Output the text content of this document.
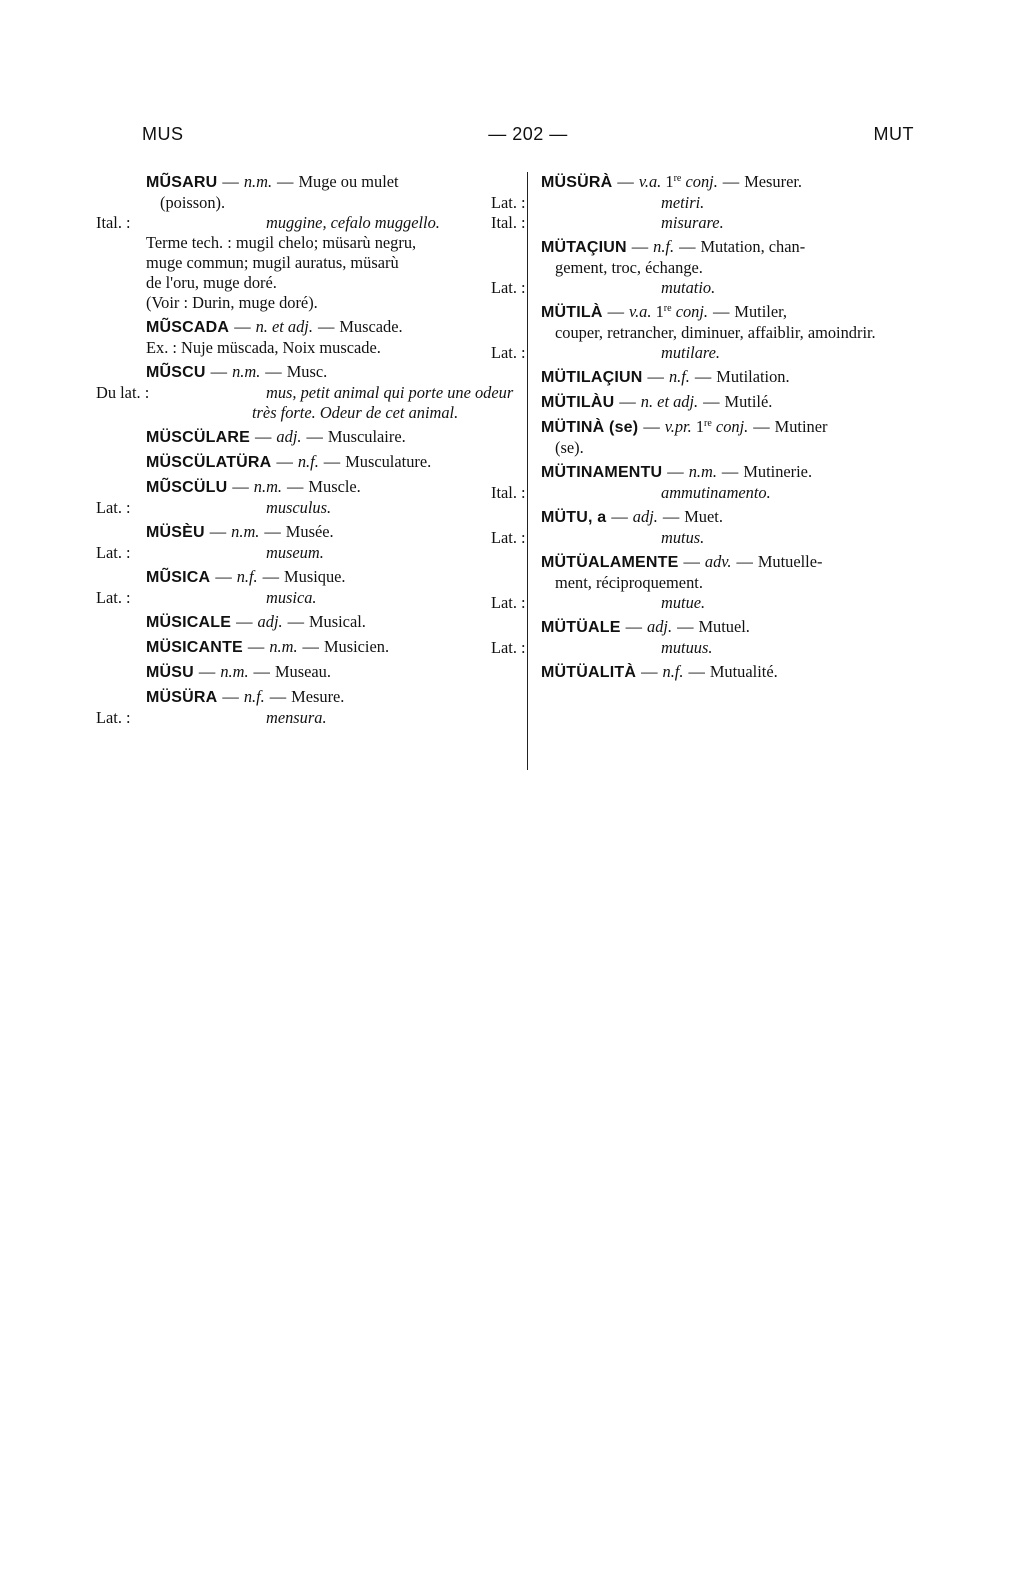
MUS	— 202 —	MUT
MŨSARU — n.m. — Muge ou mulet
(poisson).
Ital. :	muggine, cefalo muggello.
Terme tech. : mugil chelo; müsarù negru,
muge commun; mugil auratus, müsarù
de l'oru, muge doré.
(Voir : Durin, muge doré).
MŨSCADA — n. et adj. — Muscade.
Ex. : Nuje müscada, Noix muscade.
MŨSCU — n.m. — Musc.
Du lat. :	mus, petit animal qui porte une odeur très forte. Odeur de cet animal.
MÜSCÜLARE — adj. — Musculaire.
MÜSCÜLATÜRA — n.f. — Musculature.
MŨSCÜLU — n.m. — Muscle.
Lat. :	musculus.
MÜSÈU — n.m. — Musée.
Lat. :	museum.
MŨSICA — n.f. — Musique.
Lat. :	musica.
MÜSICALE — adj. — Musical.
MÜSICANTE — n.m. — Musicien.
MÜSU — n.m. — Museau.
MÜSÜRA — n.f. — Mesure.
Lat. :	mensura.
MÜSÜRÀ — v.a. 1re conj. — Mesurer.
Lat. :	metiri.
Ital. :	misurare.
MÜTAÇIUN — n.f. — Mutation, chan-
gement, troc, échange.
Lat. :	mutatio.
MÜTILÀ — v.a. 1re conj. — Mutiler,
couper, retrancher, diminuer, affaiblir, amoindrir.
Lat. :	mutilare.
MÜTILAÇIUN — n.f. — Mutilation.
MÜTILÀU — n. et adj. — Mutilé.
MÜTINÀ (se) — v.pr. 1re conj. — Mutiner
(se).
MÜTINAMENTU — n.m. — Mutinerie.
Ital. :	ammutinamento.
MÜTU, a — adj. — Muet.
Lat. :	mutus.
MÜTÜALAMENTE — adv. — Mutuelle-
ment, réciproquement.
Lat. :	mutue.
MÜTÜALE — adj. — Mutuel.
Lat. :	mutuus.
MÜTÜALITÀ — n.f. — Mutualité.
